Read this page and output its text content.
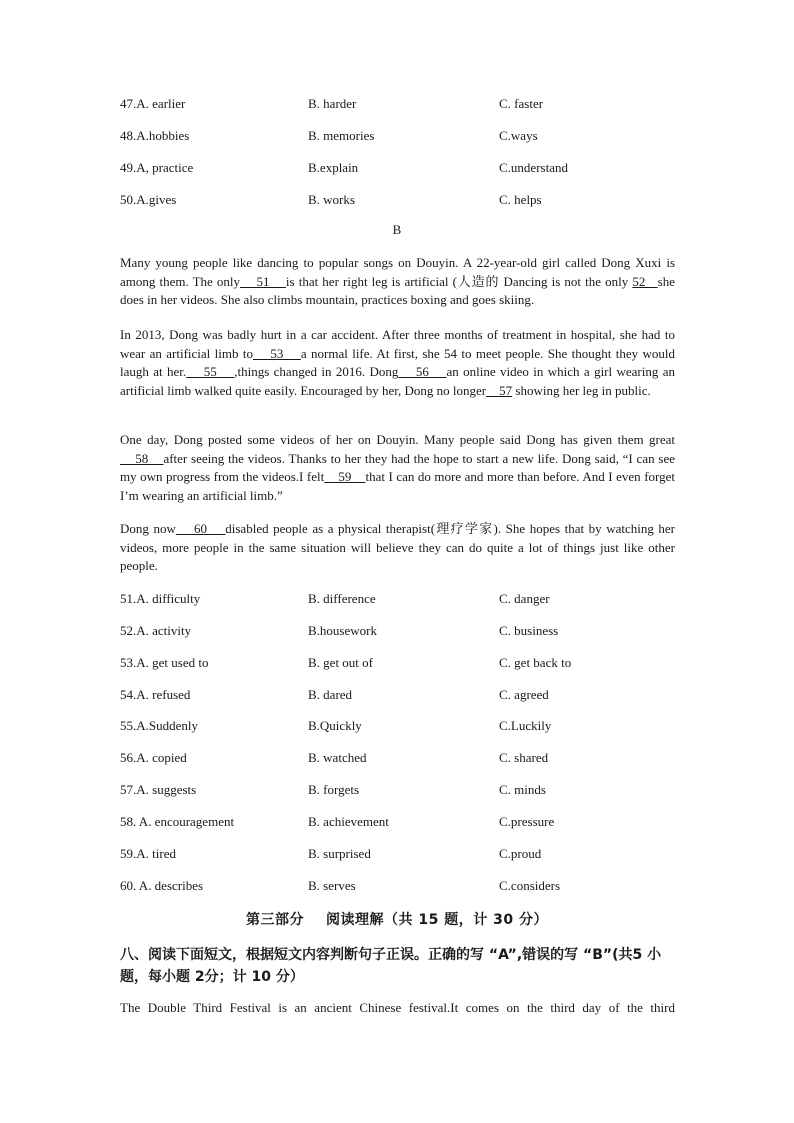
47.A. earlier	B. harder	C. faster
48.A.hobbies	B. memories	C.ways
49.A, practice	B.explain	C.understand
50.A.gives	B. works	C. helps
B

Many young people like dancing to popular songs on Douyin. A 22-year-old girl called Dong Xuxi is among them. The only    51    is that her right leg is artificial (人造的 Dancing is not the only 52   she does in her videos. She also climbs mountain, practices boxing and goes skiing.

In 2013, Dong was badly hurt in a car accident. After three months of treatment in hospital, she had to wear an artificial limb to    53    a normal life. At first, she 54 to meet people. She thought they would laugh at her.    55    ,things changed in 2016. Dong    56    an online video in which a girl wearing an artificial limb walked quite easily. Encouraged by her, Dong no longer    57 showing her leg in public.

One day, Dong posted some videos of her on Douyin. Many people said Dong has given them great    58    after seeing the videos. Thanks to her they had the hope to start a new life. Dong said, “I can see my own progress from the videos.I felt    59    that I can do more and more than before. And I even forget I’m wearing an artificial limb.”

Dong now    60    disabled people as a physical therapist(理疗学家). She hopes that by watching her videos, more people in the same situation will believe they can do quite a lot of things just like other people.

51.A. difficulty	B. difference	C. danger
52.A. activity	B.housework	C. business
53.A. get used to	B. get out of	C. get back to
54.A. refused	B. dared	C. agreed
55.A.Suddenly	B.Quickly	C.Luckily
56.A. copied	B. watched	C. shared
57.A. suggests	B. forgets	C. minds
58. A. encouragement	B. achievement	C.pressure
59.A. tired	B. surprised	C.proud
60. A. describes	B. serves	C.considers
第三部分 阅读理解（共 15 题，计 30 分）
八、阅读下面短文，根据短文内容判断句子正误。正确的写 “A”,错误的写 “B”(共5 小题，每小题 2分；计 10 分）
The Double Third Festival is an ancient Chinese festival.It comes on the third day of the third
